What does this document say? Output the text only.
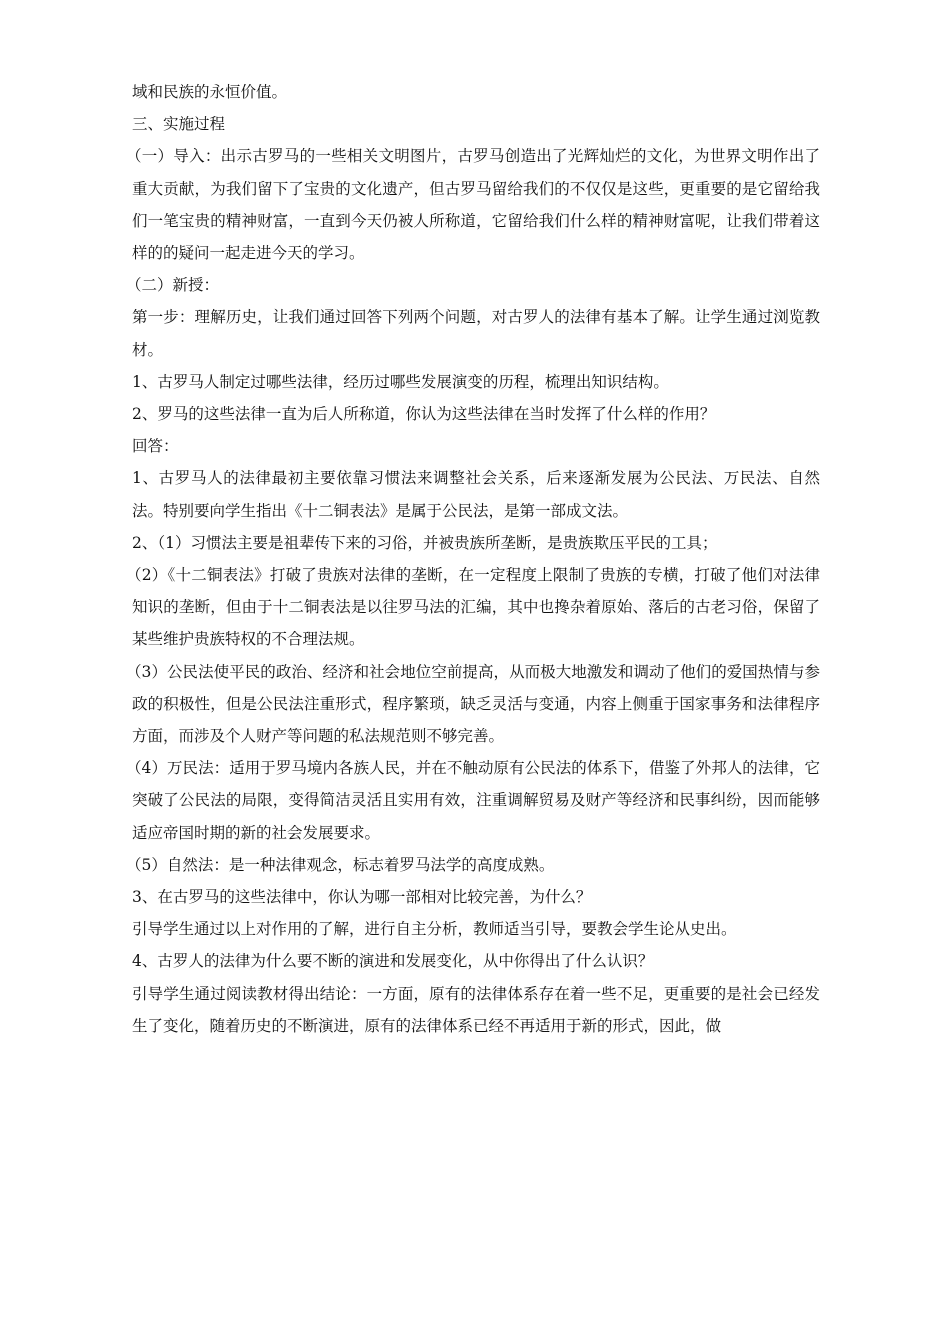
域和民族的永恒价值。

三、实施过程

（一）导入：出示古罗马的一些相关文明图片，古罗马创造出了光辉灿烂的文化，为世界文明作出了重大贡献，为我们留下了宝贵的文化遗产，但古罗马留给我们的不仅仅是这些，更重要的是它留给我们一笔宝贵的精神财富，一直到今天仍被人所称道，它留给我们什么样的精神财富呢，让我们带着这样的的疑问一起走进今天的学习。

（二）新授：

第一步：理解历史，让我们通过回答下列两个问题，对古罗人的法律有基本了解。让学生通过浏览教材。

1、古罗马人制定过哪些法律，经历过哪些发展演变的历程，梳理出知识结构。

2、罗马的这些法律一直为后人所称道，你认为这些法律在当时发挥了什么样的作用？

回答：

1、古罗马人的法律最初主要依靠习惯法来调整社会关系，后来逐渐发展为公民法、万民法、自然法。特别要向学生指出《十二铜表法》是属于公民法，是第一部成文法。

2、（1）习惯法主要是祖辈传下来的习俗，并被贵族所垄断，是贵族欺压平民的工具；

（2）《十二铜表法》打破了贵族对法律的垄断，在一定程度上限制了贵族的专横，打破了他们对法律知识的垄断，但由于十二铜表法是以往罗马法的汇编，其中也搀杂着原始、落后的古老习俗，保留了某些维护贵族特权的不合理法规。

（3）公民法使平民的政治、经济和社会地位空前提高，从而极大地激发和调动了他们的爱国热情与参政的积极性，但是公民法注重形式，程序繁琐，缺乏灵活与变通，内容上侧重于国家事务和法律程序方面，而涉及个人财产等问题的私法规范则不够完善。

（4）万民法：适用于罗马境内各族人民，并在不触动原有公民法的体系下，借鉴了外邦人的法律，它突破了公民法的局限，变得简洁灵活且实用有效，注重调解贸易及财产等经济和民事纠纷，因而能够适应帝国时期的新的社会发展要求。

（5）自然法：是一种法律观念，标志着罗马法学的高度成熟。

3、在古罗马的这些法律中，你认为哪一部相对比较完善，为什么？

引导学生通过以上对作用的了解，进行自主分析，教师适当引导，要教会学生论从史出。

4、古罗人的法律为什么要不断的演进和发展变化，从中你得出了什么认识？

引导学生通过阅读教材得出结论：一方面，原有的法律体系存在着一些不足，更重要的是社会已经发生了变化，随着历史的不断演进，原有的法律体系已经不再适用于新的形式，因此，做
